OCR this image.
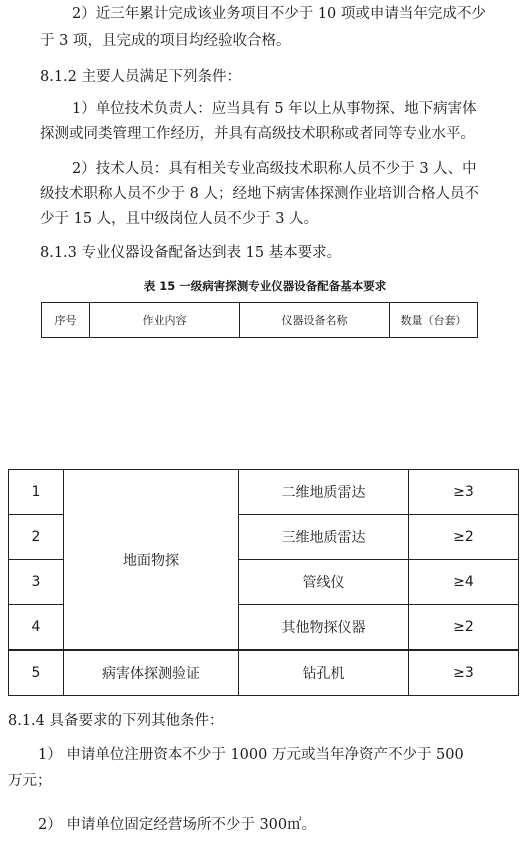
2）近三年累计完成该业务项目不少于 10 项或申请当年完成不少
于 3 项，且完成的项目均经验收合格。
8.1.2 主要人员满足下列条件：
1）单位技术负责人：应当具有 5 年以上从事物探、地下病害体
探测或同类管理工作经历，并具有高级技术职称或者同等专业水平。
2）技术人员：具有相关专业高级技术职称人员不少于 3 人、中
级技术职称人员不少于 8 人；经地下病害体探测作业培训合格人员不
少于 15 人，且中级岗位人员不少于 3 人。
8.1.3 专业仪器设备配备达到表 15 基本要求。
表 15 一级病害探测专业仪器设备配备基本要求
序号	作业内容	仪器设备名称	数量（台套）
1	地面物探	二维地质雷达	≥3
2		三维地质雷达	≥2
3		管线仪	≥4
4		其他物探仪器	≥2
5	病害体探测验证	钻孔机	≥3
8.1.4 具备要求的下列其他条件：
1） 申请单位注册资本不少于 1000 万元或当年净资产不少于 500
万元；
2） 申请单位固定经营场所不少于 300㎡。
